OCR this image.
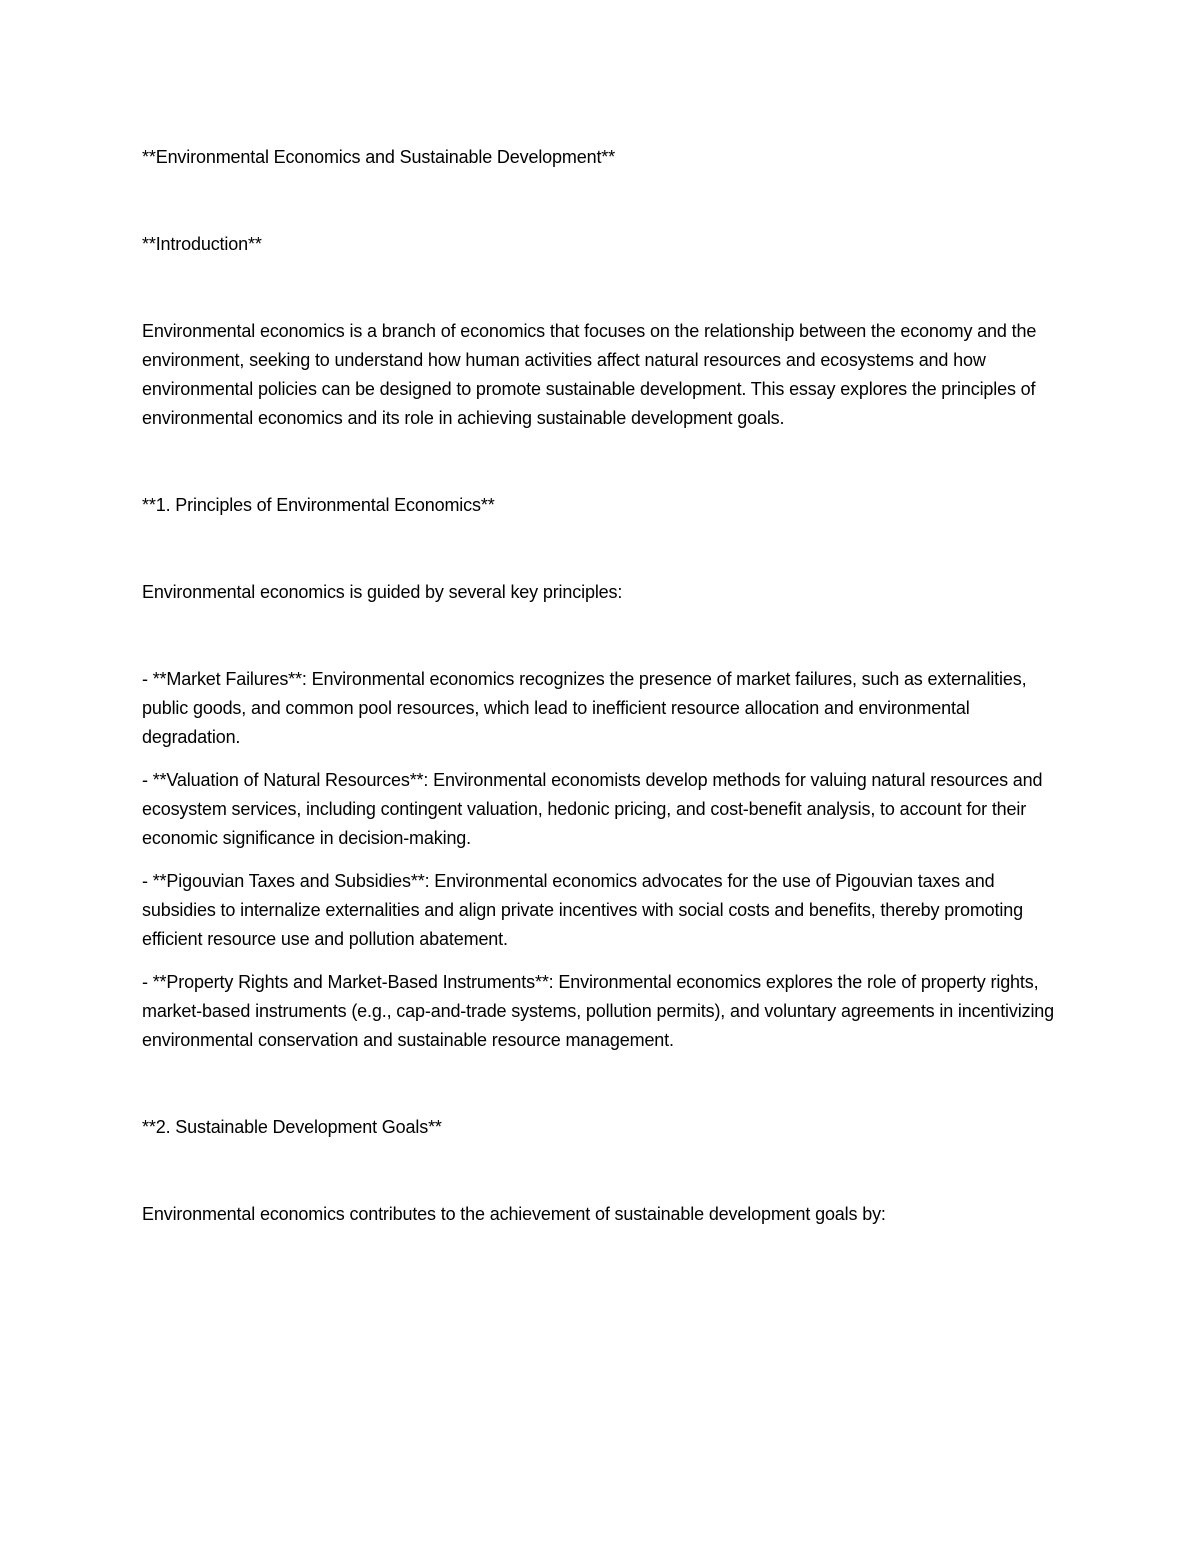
**Environmental Economics and Sustainable Development**

**Introduction**

Environmental economics is a branch of economics that focuses on the relationship between the economy and the environment, seeking to understand how human activities affect natural resources and ecosystems and how environmental policies can be designed to promote sustainable development. This essay explores the principles of environmental economics and its role in achieving sustainable development goals.

**1. Principles of Environmental Economics**

Environmental economics is guided by several key principles:

- **Market Failures**: Environmental economics recognizes the presence of market failures, such as externalities, public goods, and common pool resources, which lead to inefficient resource allocation and environmental degradation.

- **Valuation of Natural Resources**: Environmental economists develop methods for valuing natural resources and ecosystem services, including contingent valuation, hedonic pricing, and cost-benefit analysis, to account for their economic significance in decision-making.

- **Pigouvian Taxes and Subsidies**: Environmental economics advocates for the use of Pigouvian taxes and subsidies to internalize externalities and align private incentives with social costs and benefits, thereby promoting efficient resource use and pollution abatement.

- **Property Rights and Market-Based Instruments**: Environmental economics explores the role of property rights, market-based instruments (e.g., cap-and-trade systems, pollution permits), and voluntary agreements in incentivizing environmental conservation and sustainable resource management.

**2. Sustainable Development Goals**

Environmental economics contributes to the achievement of sustainable development goals by:
